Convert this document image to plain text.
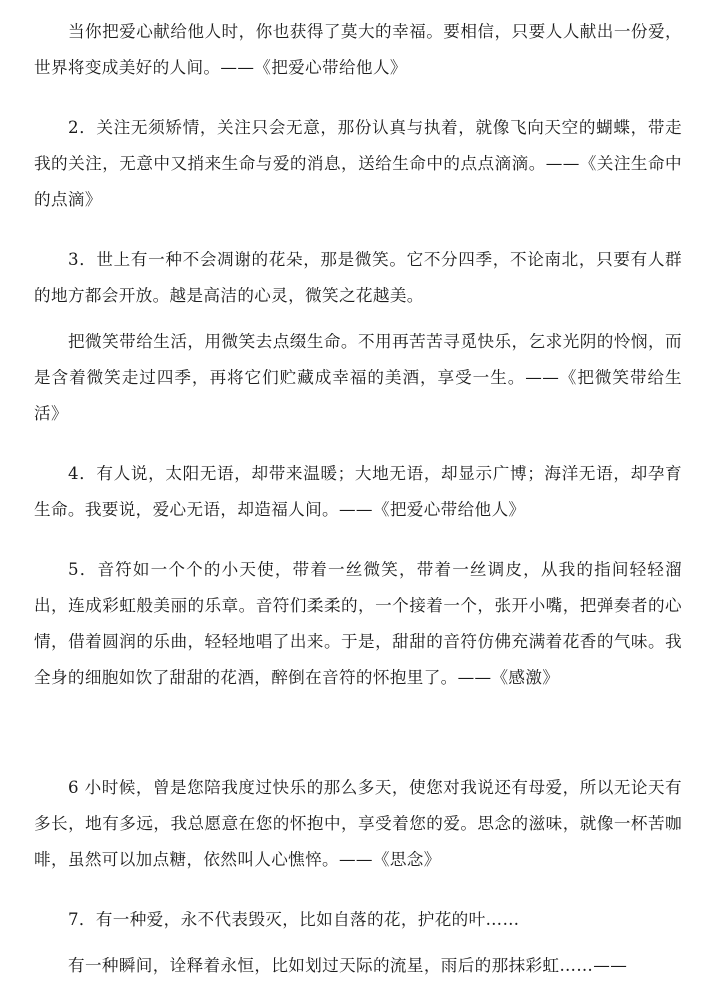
当你把爱心献给他人时，你也获得了莫大的幸福。要相信，只要人人献出一份爱，世界将变成美好的人间。——《把爱心带给他人》

2．关注无须矫情，关注只会无意，那份认真与执着，就像飞向天空的蝴蝶，带走我的关注，无意中又捎来生命与爱的消息，送给生命中的点点滴滴。——《关注生命中的点滴》

3．世上有一种不会凋谢的花朵，那是微笑。它不分四季，不论南北，只要有人群的地方都会开放。越是高洁的心灵，微笑之花越美。

把微笑带给生活，用微笑去点缀生命。不用再苦苦寻觅快乐，乞求光阴的怜悯，而是含着微笑走过四季，再将它们贮藏成幸福的美酒，享受一生。——《把微笑带给生活》

4．有人说，太阳无语，却带来温暖；大地无语，却显示广博；海洋无语，却孕育生命。我要说，爱心无语，却造福人间。——《把爱心带给他人》

5．音符如一个个的小天使，带着一丝微笑，带着一丝调皮，从我的指间轻轻溜出，连成彩虹般美丽的乐章。音符们柔柔的，一个接着一个，张开小嘴，把弹奏者的心情，借着圆润的乐曲，轻轻地唱了出来。于是，甜甜的音符仿佛充满着花香的气味。我全身的细胞如饮了甜甜的花酒，醉倒在音符的怀抱里了。——《感激》

6 小时候，曾是您陪我度过快乐的那么多天，使您对我说还有母爱，所以无论天有多长，地有多远，我总愿意在您的怀抱中，享受着您的爱。思念的滋味，就像一杯苦咖啡，虽然可以加点糖，依然叫人心憔悴。——《思念》

7．有一种爱，永不代表毁灭，比如自落的花，护花的叶……

有一种瞬间，诠释着永恒，比如划过天际的流星，雨后的那抹彩虹……——
